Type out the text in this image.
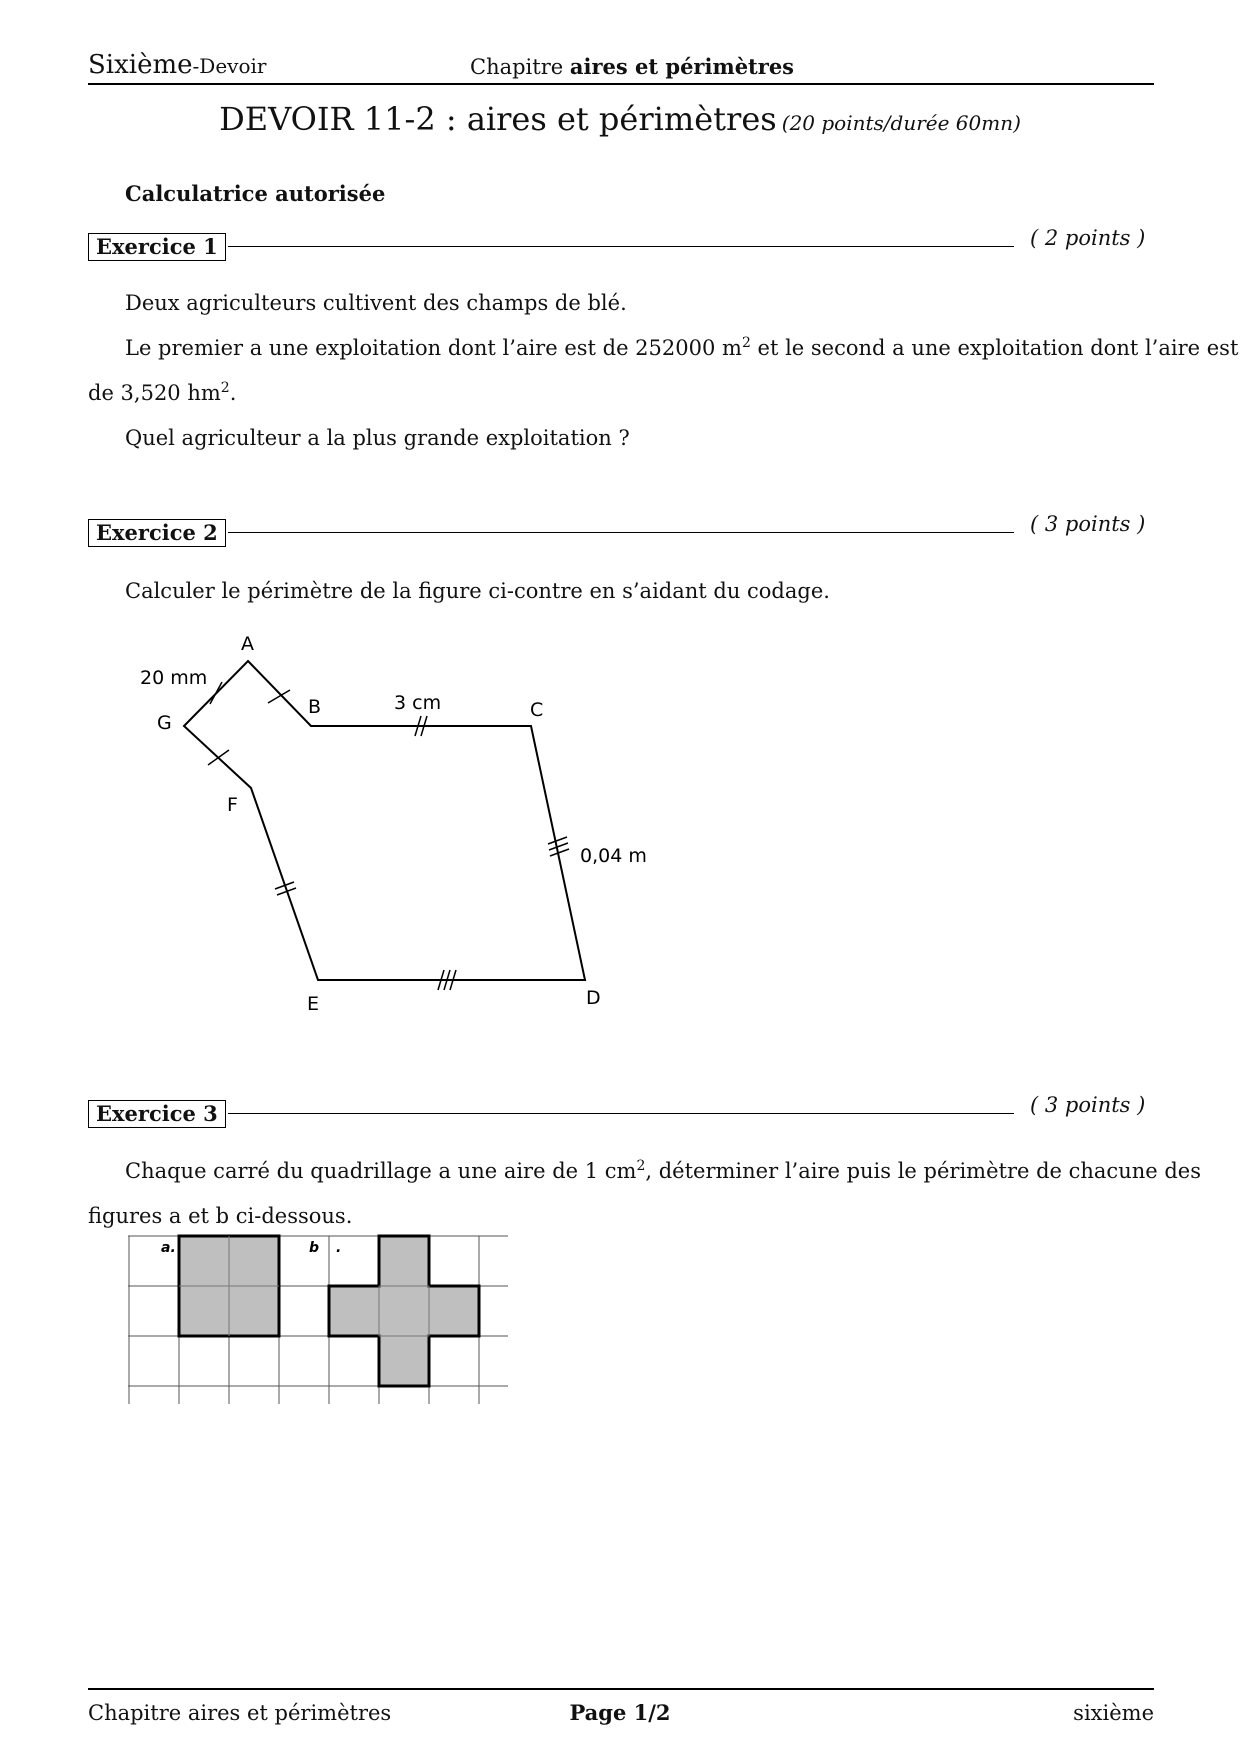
Sixième-Devoir	Chapitre aires et périmètres
DEVOIR 11-2 : aires et périmètres (20 points/durée 60mn)
Calculatrice autorisée
Exercice 1	( 2 points )
Deux agriculteurs cultivent des champs de blé.
Le premier a une exploitation dont l’aire est de 252000 $m^2$ et le second a une exploitation dont l’aire est
de 3,520 $hm^2$.
Quel agriculteur a la plus grande exploitation ?
Exercice 2	( 3 points )
Calculer le périmètre de la figure ci-contre en s’aidant du codage.
A
B	C
D
E
F
G
20 mm
3 cm
0,04 m
Exercice 3	( 3 points )
Chaque carré du quadrillage a une aire de 1 $cm^2$, déterminer l’aire puis le périmètre de chacune des
figures a et b ci-dessous.
a.	b .
Chapitre aires et périmètres	Page 1/2	sixième
